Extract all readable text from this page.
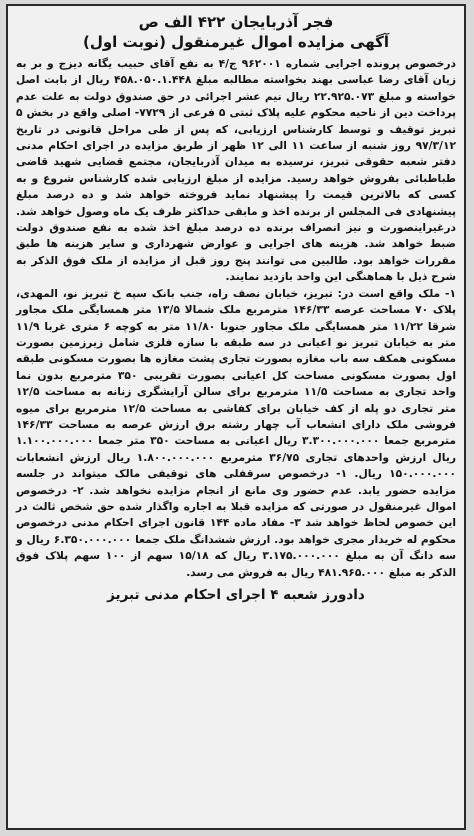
فجر آذربایجان ۴۲۲ الف ص
آگهی مزایده اموال غیرمنقول (نوبت اول)

درخصوص پرونده اجرایی شماره ۹۶۲۰۰۱ ج/۴ به نفع آقای حبیب یگانه دیزج و بر به زیان آقای رضا عباسی بهند بخواسته مطالبه مبلغ ۴۵۸.۰۵۰.۱.۴۴۸ ریال از بابت اصل خواسته و مبلغ ۲۲.۹۲۵.۰۷۳ ریال نیم عشر اجرائی در حق صندوق دولت به علت عدم پرداخت دین از ناحیه محکوم علیه پلاک ثبتی ۵ فرعی از ۷۷۲۹- اصلی واقع در بخش ۵ تبریز توقیف و توسط کارشناس ارزیابی، که پس از طی مراحل قانونی در تاریخ ۹۷/۳/۱۲ روز شنبه از ساعت ۱۱ الی ۱۲ ظهر از طریق مزایده در اجرای احکام مدنی دفتر شعبه حقوقی تبریز، نرسیده به میدان آذربایجان، مجتمع قضایی شهید قاضی طباطبائی بفروش خواهد رسید. مزایده از مبلغ ارزیابی شده کارشناس شروع و به کسی که بالاترین قیمت را پیشنهاد نماید فروخته خواهد شد و ده درصد مبلغ پیشنهادی فی المجلس از برنده اخذ و مابقی حداکثر ظرف یک ماه وصول خواهد شد. درغیراینصورت و نیز انصراف برنده ده درصد مبلغ اخذ شده به نفع صندوق دولت ضبط خواهد شد. هزینه های اجرایی و عوارض شهرداری و سایر هزینه ها طبق مقررات خواهد بود. طالبین می توانند پنج روز قبل از مزایده از ملک فوق الذکر به شرح ذیل با هماهنگی این واحد بازدید نمایند.

۱- ملک واقع است در: تبریز، خیابان نصف راه، جنب بانک سپه خ تبریز نو، المهدی، پلاک ۷۰ مساحت عرصه ۱۴۶/۳۳ مترمربع ملک شمالا ۱۳/۵ متر همسایگی ملک مجاور شرقا ۱۱/۲۲ متر همسایگی ملک مجاور جنوبا ۱۱/۸۰ متر به کوچه ۶ متری غربا ۱۱/۹ متر به خیابان تبریز نو اعیانی در سه طبقه با سازه فلزی شامل زیرزمین بصورت مسکونی همکف سه باب مغازه بصورت تجاری پشت مغازه ها بصورت مسکونی طبقه اول بصورت مسکونی مساحت کل اعیانی بصورت تقریبی ۳۵۰ مترمربع بدون نما واحد تجاری به مساحت ۱۱/۵ مترمربع برای سالن آرایشگری زنانه به مساحت ۱۲/۵ متر تجاری دو پله از کف خیابان برای کفاشی به مساحت ۱۲/۵ مترمربع برای میوه فروشی ملک دارای انشعاب آب چهار رشته برق ارزش عرصه به مساحت ۱۴۶/۳۳ مترمربع جمعا ۳.۳۰۰.۰۰۰.۰۰۰ ریال اعیانی به مساحت ۳۵۰ متر جمعا ۱.۱۰۰.۰۰۰.۰۰۰ ریال ارزش واحدهای تجاری ۳۶/۷۵ مترمربع ۱.۸۰۰.۰۰۰.۰۰۰ ریال ارزش انشعابات ۱۵۰.۰۰۰.۰۰۰ ریال. ۱- درخصوص سرقفلی های توقیفی مالک میتواند در جلسه مزایده حضور یابد. عدم حضور وی مانع از انجام مزایده نخواهد شد. ۲- درخصوص اموال غیرمنقول در صورتی که مزایده قبلا به اجاره واگذار شده حق شخص ثالث در این خصوص لحاظ خواهد شد ۳- مفاد ماده ۱۴۴ قانون اجرای احکام مدنی درخصوص محکوم له خریدار مجری خواهد بود. ارزش ششدانگ ملک جمعا ۶.۳۵۰.۰۰۰.۰۰۰ ریال و سه دانگ آن به مبلغ ۳.۱۷۵.۰۰۰.۰۰۰ ریال که ۱۵/۱۸ سهم از ۱۰۰ سهم پلاک فوق الذکر به مبلغ ۴۸۱.۹۶۵.۰۰۰ ریال به فروش می رسد.

دادورز شعبه ۴ اجرای احکام مدنی تبریز
